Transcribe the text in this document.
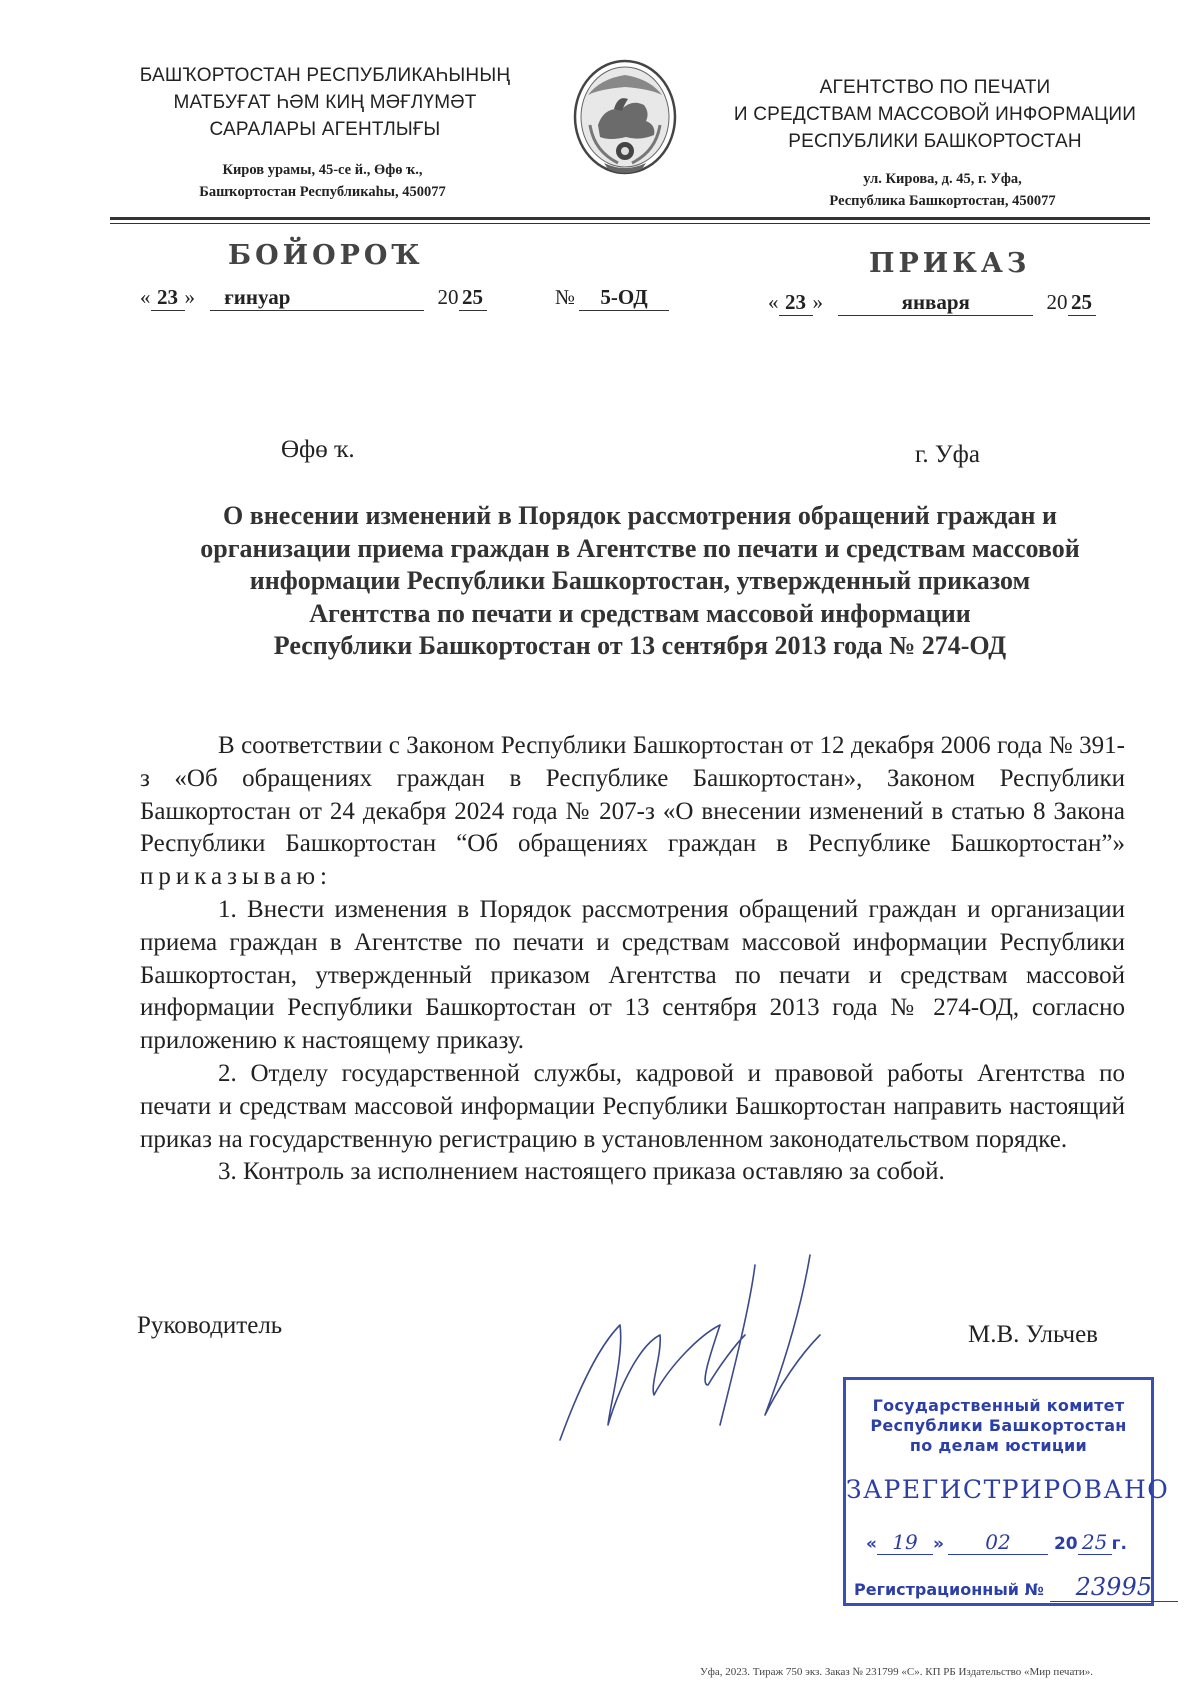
БАШҠОРТОСТАН РЕСПУБЛИКАҺЫНЫҢ
МАТБУҒАТ ҺӘМ КИҢ МӘҒЛҮМӘТ
САРАЛАРЫ АГЕНТЛЫҒЫ
Киров урамы, 45-се й., Өфө ҡ.,
Башҡортостан Республикаһы, 450077
АГЕНТСТВО ПО ПЕЧАТИ
И СРЕДСТВАМ МАССОВОЙ ИНФОРМАЦИИ
РЕСПУБЛИКИ БАШКОРТОСТАН
ул. Кирова, д. 45, г. Уфа,
Республика Башкортостан, 450077
БОЙОРОҠ	ПРИКАЗ
« 23 » ғинуар	20 25	№ 5-ОД	« 23 »	января	20 25
Өфө ҡ.	г. Уфа
О внесении изменений в Порядок рассмотрения обращений граждан и
организации приема граждан в Агентстве по печати и средствам массовой
информации Республики Башкортостан, утвержденный приказом
Агентства по печати и средствам массовой информации
Республики Башкортостан от 13 сентября 2013 года № 274-ОД

В соответствии с Законом Республики Башкортостан от 12 декабря 2006 года № 391-з «Об обращениях граждан в Республике Башкортостан», Законом Республики Башкортостан от 24 декабря 2024 года № 207-з «О внесении изменений в статью 8 Закона Республики Башкортостан “Об обращениях граждан в Республике Башкортостан”» приказываю:

1. Внести изменения в Порядок рассмотрения обращений граждан и организации приема граждан в Агентстве по печати и средствам массовой информации Республики Башкортостан, утвержденный приказом Агентства по печати и средствам массовой информации Республики Башкортостан от 13 сентября 2013 года № 274-ОД, согласно приложению к настоящему приказу.

2. Отделу государственной службы, кадровой и правовой работы Агентства по печати и средствам массовой информации Республики Башкортостан направить настоящий приказ на государственную регистрацию в установленном законодательством порядке.

3. Контроль за исполнением настоящего приказа оставляю за собой.

Руководитель	М.В. Ульчев
Государственный комитет
Республики Башкортостан
по делам юстиции
ЗАРЕГИСТРИРОВАНО
« 19 » 02	20 25 г.
Регистрационный № 23995
Уфа, 2023. Тираж 750 экз. Заказ № 231799 «С». КП РБ Издательство «Мир печати».
